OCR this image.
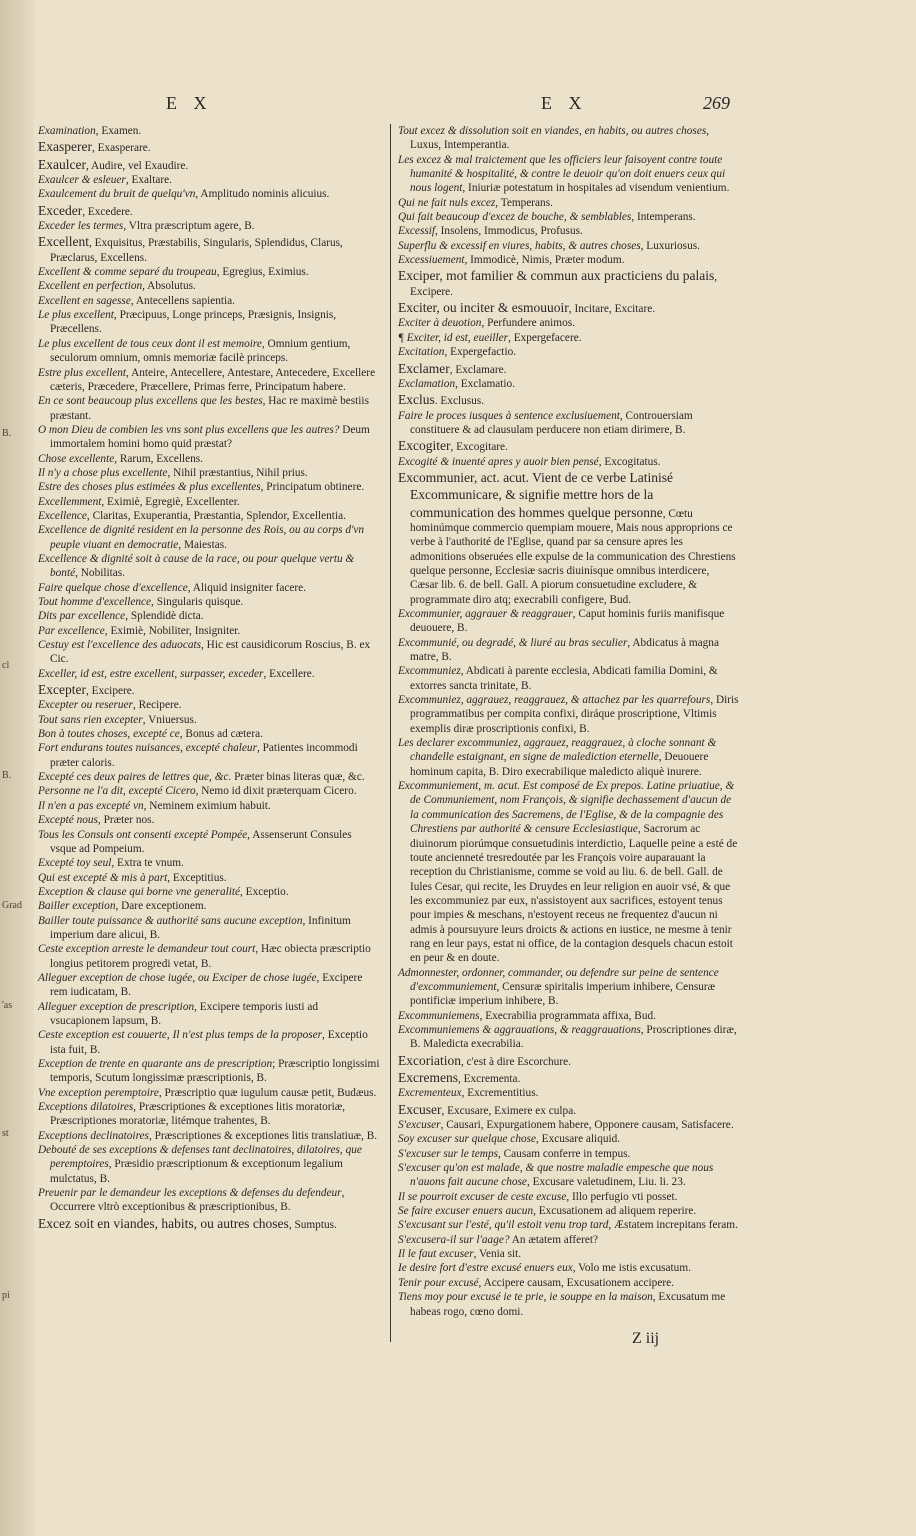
B.
cl
B.
Grad
'as
st
pi
E X	E X	269

Examination, Examen.

Exasperer, Exasperare.

Exaulcer, Audire, vel Exaudire.

Exaulcer & esleuer, Exaltare.

Exaulcement du bruit de quelqu'vn, Amplitudo nominis alicuius.

Exceder, Excedere.

Exceder les termes, Vltra præscriptum agere, B.

Excellent, Exquisitus, Præstabilis, Singularis, Splendidus, Clarus, Præclarus, Excellens.

Excellent & comme separé du troupeau, Egregius, Eximius.

Excellent en perfection, Absolutus.

Excellent en sagesse, Antecellens sapientia.

Le plus excellent, Præcipuus, Longe princeps, Præsignis, Insignis, Præcellens.

Le plus excellent de tous ceux dont il est memoire, Omnium gentium, seculorum omnium, omnis memoriæ facilè princeps.

Estre plus excellent, Anteire, Antecellere, Antestare, Antecedere, Excellere cæteris, Præcedere, Præcellere, Primas ferre, Principatum habere.

En ce sont beaucoup plus excellens que les bestes, Hac re maximè bestiis præstant.

O mon Dieu de combien les vns sont plus excellens que les autres? Deum immortalem homini homo quid præstat?

Chose excellente, Rarum, Excellens.

Il n'y a chose plus excellente, Nihil præstantius, Nihil prius.

Estre des choses plus estimées & plus excellentes, Principatum obtinere.

Excellemment, Eximiè, Egregiè, Excellenter.

Excellence, Claritas, Exuperantia, Præstantia, Splendor, Excellentia.

Excellence de dignité resident en la personne des Rois, ou au corps d'vn peuple viuant en democratie, Maiestas.

Excellence & dignité soit à cause de la race, ou pour quelque vertu & bonté, Nobilitas.

Faire quelque chose d'excellence, Aliquid insigniter facere.

Tout homme d'excellence, Singularis quisque.

Dits par excellence, Splendidè dicta.

Par excellence, Eximiè, Nobiliter, Insigniter.

Cestuy est l'excellence des aduocats, Hic est causidicorum Roscius, B. ex Cic.

Exceller, id est, estre excellent, surpasser, exceder, Excellere.

Excepter, Excipere.

Excepter ou reseruer, Recipere.

Tout sans rien excepter, Vniuersus.

Bon à toutes choses, excepté ce, Bonus ad cætera.

Fort endurans toutes nuisances, excepté chaleur, Patientes incommodi præter caloris.

Excepté ces deux paires de lettres que, &c. Præter binas literas quæ, &c.

Personne ne l'a dit, excepté Cicero, Nemo id dixit præterquam Cicero.

Il n'en a pas excepté vn, Neminem eximium habuit.

Excepté nous, Præter nos.

Tous les Consuls ont consenti excepté Pompée, Assenserunt Consules vsque ad Pompeium.

Excepté toy seul, Extra te vnum.

Qui est excepté & mis à part, Exceptitius.

Exception & clause qui borne vne generalité, Exceptio.

Bailler exception, Dare exceptionem.

Bailler toute puissance & authorité sans aucune exception, Infinitum imperium dare alicui, B.

Ceste exception arreste le demandeur tout court, Hæc obiecta præscriptio longius petitorem progredi vetat, B.

Alleguer exception de chose iugée, ou Exciper de chose iugée, Excipere rem iudicatam, B.

Alleguer exception de prescription, Excipere temporis iusti ad vsucapionem lapsum, B.

Ceste exception est couuerte, Il n'est plus temps de la proposer, Exceptio ista fuit, B.

Exception de trente en quarante ans de prescription; Præscriptio longissimi temporis, Scutum longissimæ præscriptionis, B.

Vne exception peremptoire, Præscriptio quæ iugulum causæ petit, Budæus.

Exceptions dilatoires, Præscriptiones & exceptiones litis moratoriæ, Præscriptiones moratoriæ, litémque trahentes, B.

Exceptions declinatoires, Præscriptiones & exceptiones litis translatiuæ, B.

Debouté de ses exceptions & defenses tant declinatoires, dilatoires, que peremptoires, Præsidio præscriptionum & exceptionum legalium mulctatus, B.

Preuenir par le demandeur les exceptions & defenses du defendeur, Occurrere vltrò exceptionibus & præscriptionibus, B.

Excez soit en viandes, habits, ou autres choses, Sumptus.

Tout excez & dissolution soit en viandes, en habits, ou autres choses, Luxus, Intemperantia.

Les excez & mal traictement que les officiers leur faisoyent contre toute humanité & hospitalité, & contre le deuoir qu'on doit enuers ceux qui nous logent, Iniuriæ potestatum in hospitales ad visendum venientium.

Qui ne fait nuls excez, Temperans.

Qui fait beaucoup d'excez de bouche, & semblables, Intemperans.

Excessif, Insolens, Immodicus, Profusus.

Superflu & excessif en viures, habits, & autres choses, Luxuriosus.

Excessiuement, Immodicè, Nimis, Præter modum.

Exciper, mot familier & commun aux practiciens du palais, Excipere.

Exciter, ou inciter & esmouuoir, Incitare, Excitare.

Exciter à deuotion, Perfundere animos.

¶ Exciter, id est, eueiller, Expergefacere.

Excitation, Expergefactio.

Exclamer, Exclamare.

Exclamation, Exclamatio.

Exclus. Exclusus.

Faire le proces iusques à sentence exclusiuement, Controuersiam constituere & ad clausulam perducere non etiam dirimere, B.

Excogiter, Excogitare.

Excogité & inuenté apres y auoir bien pensé, Excogitatus.

Excommunier, act. acut. Vient de ce verbe Latinisé Excommunicare, & signifie mettre hors de la communication des hommes quelque personne, Cœtu hominúmque commercio quempiam mouere, Mais nous approprions ce verbe à l'authorité de l'Eglise, quand par sa censure apres les admonitions obseruées elle expulse de la communication des Chrestiens quelque personne, Ecclesiæ sacris diuinísque omnibus interdicere, Cæsar lib. 6. de bell. Gall. A piorum consuetudine excludere, & programmate diro atq; execrabili configere, Bud.

Excommunier, aggrauer & reaggrauer, Caput hominis furiis manifisque deuouere, B.

Excommunié, ou degradé, & liuré au bras seculier, Abdicatus à magna matre, B.

Excommuniez, Abdicati à parente ecclesia, Abdicati familia Domini, & extorres sancta trinitate, B.

Excommuniez, aggrauez, reaggrauez, & attachez par les quarrefours, Diris programmatibus per compita confixi, diráque proscriptione, Vltimis exemplis diræ proscriptionis confixi, B.

Les declarer excommuniez, aggrauez, reaggrauez, à cloche sonnant & chandelle estaignant, en signe de malediction eternelle, Deuouere hominum capita, B. Diro execrabilique maledicto aliquè inurere.

Excommuniement, m. acut. Est composé de Ex prepos. Latine priuatiue, & de Communiement, nom François, & signifie dechassement d'aucun de la communication des Sacremens, de l'Eglise, & de la compagnie des Chrestiens par authorité & censure Ecclesiastique, Sacrorum ac diuinorum piorúmque consuetudinis interdictio, Laquelle peine a esté de toute ancienneté tresredoutée par les François voire auparauant la reception du Christianisme, comme se void au liu. 6. de bell. Gall. de Iules Cesar, qui recite, les Druydes en leur religion en auoir vsé, & que les excommuniez par eux, n'assistoyent aux sacrifices, estoyent tenus pour impies & meschans, n'estoyent receus ne frequentez d'aucun ni admis à poursuyure leurs droicts & actions en iustice, ne mesme à tenir rang en leur pays, estat ni office, de la contagion desquels chacun estoit en peur & en doute.

Admonnester, ordonner, commander, ou defendre sur peine de sentence d'excommuniement, Censuræ spiritalis imperium inhibere, Censuræ pontificiæ imperium inhibere, B.

Excommuniemens, Execrabilia programmata affixa, Bud.

Excommuniemens & aggrauations, & reaggrauations, Proscriptiones diræ, B. Maledicta execrabilia.

Excoriation, c'est à dire Escorchure.

Excremens, Excrementa.

Excrementeux, Excrementitius.

Excuser, Excusare, Eximere ex culpa.

S'excuser, Causari, Expurgationem habere, Opponere causam, Satisfacere.

Soy excuser sur quelque chose, Excusare aliquid.

S'excuser sur le temps, Causam conferre in tempus.

S'excuser qu'on est malade, & que nostre maladie empesche que nous n'auons fait aucune chose, Excusare valetudinem, Liu. li. 23.

Il se pourroit excuser de ceste excuse, Illo perfugio vti posset.

Se faire excuser enuers aucun, Excusationem ad aliquem reperire.

S'excusant sur l'esté, qu'il estoit venu trop tard, Æstatem increpitans feram.

S'excusera-il sur l'aage? An ætatem afferet?

Il le faut excuser, Venia sit.

Ie desire fort d'estre excusé enuers eux, Volo me istis excusatum.

Tenir pour excusé, Accipere causam, Excusationem accipere.

Tiens moy pour excusé ie te prie, ie souppe en la maison, Excusatum me habeas rogo, cœno domi.

Z iij
